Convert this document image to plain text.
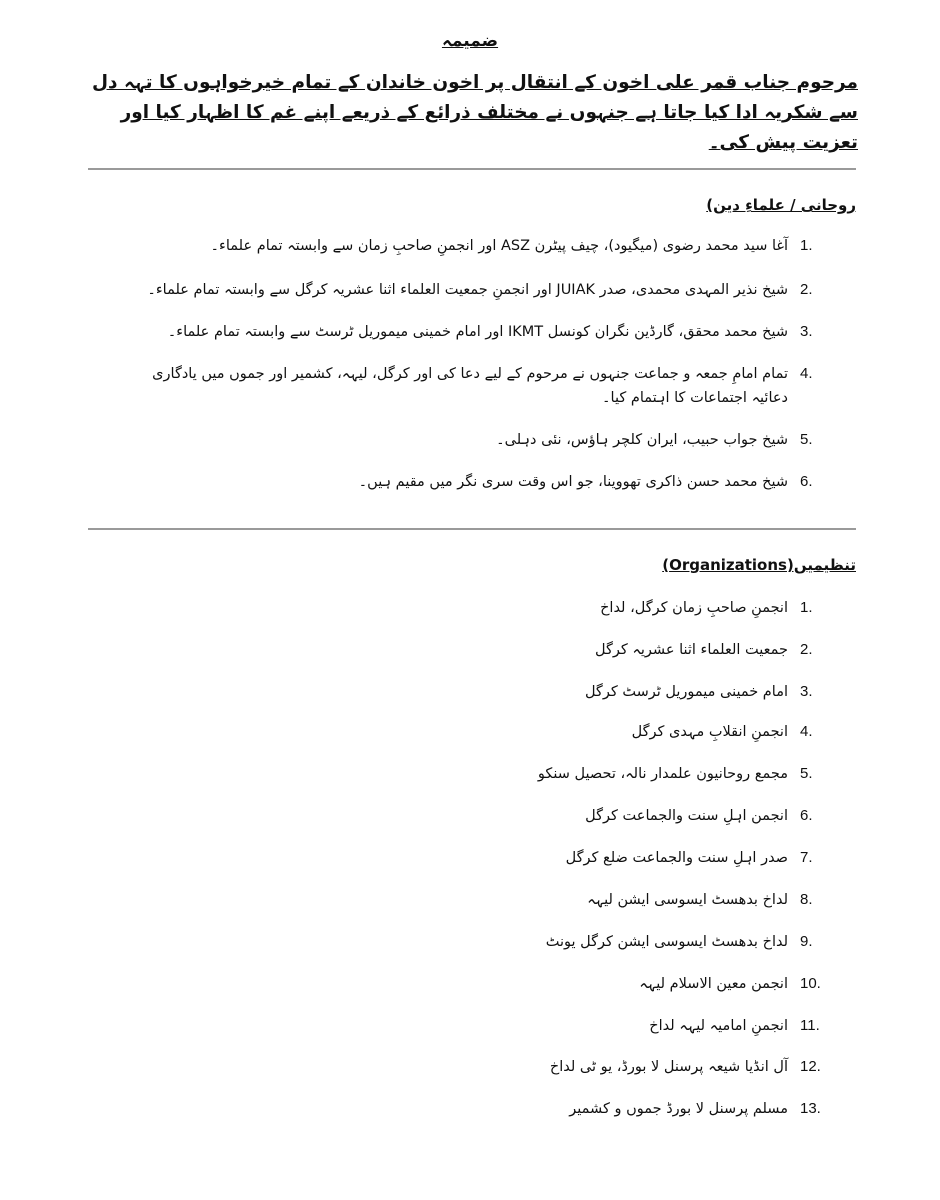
ضمیمہ
مرحوم جناب قمر علی اخون کے انتقال پر اخون خاندان کے تمام خیرخواہوں کا تہہ دل سے شکریہ ادا کیا جاتا ہے جنہوں نے مختلف ذرائع کے ذریعے اپنے غم کا اظہار کیا اور تعزیت پیش کی۔
روحانی / علماءِ دین)
آغا سید محمد رضوی (میگیود)، چیف پیٹرن ASZ اور انجمنِ صاحبِ زمان سے وابستہ تمام علماء۔ 1.
شیخ نذیر المہدی محمدی، صدر JUIAK اور انجمنِ جمعیت العلماء اثنا عشریہ کرگل سے وابستہ تمام علماء۔ 2.
شیخ محمد محقق، گارڈین نگران کونسل IKMT اور امام خمینی میموریل ٹرسٹ سے وابستہ تمام علماء۔ 3.
تمام امامِ جمعہ و جماعت جنہوں نے مرحوم کے لیے دعا کی اور کرگل، لیہہ، کشمیر اور جموں میں یادگاری دعائیہ اجتماعات کا اہتمام کیا۔
4.
شیخ جواب حبیب، ایران کلچر ہاؤس، نئی دہلی۔ 5.
شیخ محمد حسن ذاکری تھووینا، جو اس وقت سری نگر میں مقیم ہیں۔ 6.
تنظیمیں(Organizations)
انجمنِ صاحبِ زمان کرگل، لداخ 1.
جمعیت العلماء اثنا عشریہ کرگل 2.
امام خمینی میموریل ٹرسٹ کرگل 3.
انجمنِ انقلابِ مہدی کرگل 4.
مجمع روحانیون علمدار نالہ، تحصیل سنکو 5.
انجمن اہلِ سنت والجماعت کرگل 6.
صدر اہلِ سنت والجماعت ضلع کرگل 7.
لداخ بدھسٹ ایسوسی ایشن لیہہ 8.
لداخ بدھسٹ ایسوسی ایشن کرگل یونٹ 9.
انجمن معین الاسلام لیہہ 10.
انجمنِ امامیہ لیہہ لداخ 11.
آل انڈیا شیعہ پرسنل لا بورڈ، یو ٹی لداخ 12.
مسلم پرسنل لا بورڈ جموں و کشمیر 13.
